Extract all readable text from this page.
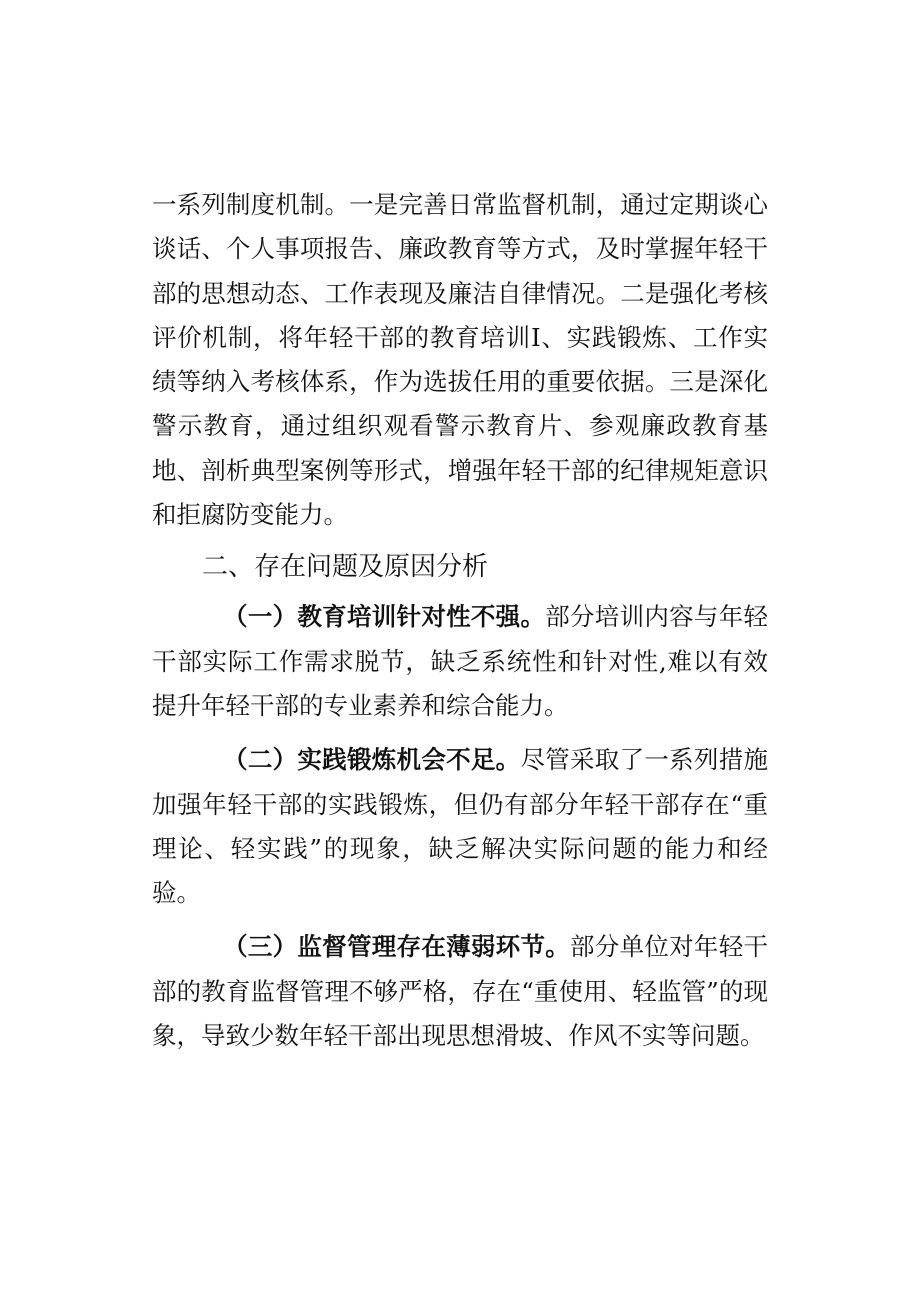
一系列制度机制。一是完善日常监督机制，通过定期谈心谈话、个人事项报告、廉政教育等方式，及时掌握年轻干部的思想动态、工作表现及廉洁自律情况。二是强化考核评价机制，将年轻干部的教育培训I、实践锻炼、工作实绩等纳入考核体系，作为选拔任用的重要依据。三是深化警示教育，通过组织观看警示教育片、参观廉政教育基地、剖析典型案例等形式，增强年轻干部的纪律规矩意识和拒腐防变能力。

二、存在问题及原因分析

（一）教育培训针对性不强。部分培训内容与年轻干部实际工作需求脱节，缺乏系统性和针对性,难以有效提升年轻干部的专业素养和综合能力。

（二）实践锻炼机会不足。尽管采取了一系列措施加强年轻干部的实践锻炼，但仍有部分年轻干部存在“重理论、轻实践”的现象，缺乏解决实际问题的能力和经验。

（三）监督管理存在薄弱环节。部分单位对年轻干部的教育监督管理不够严格，存在“重使用、轻监管”的现象，导致少数年轻干部出现思想滑坡、作风不实等问题。
